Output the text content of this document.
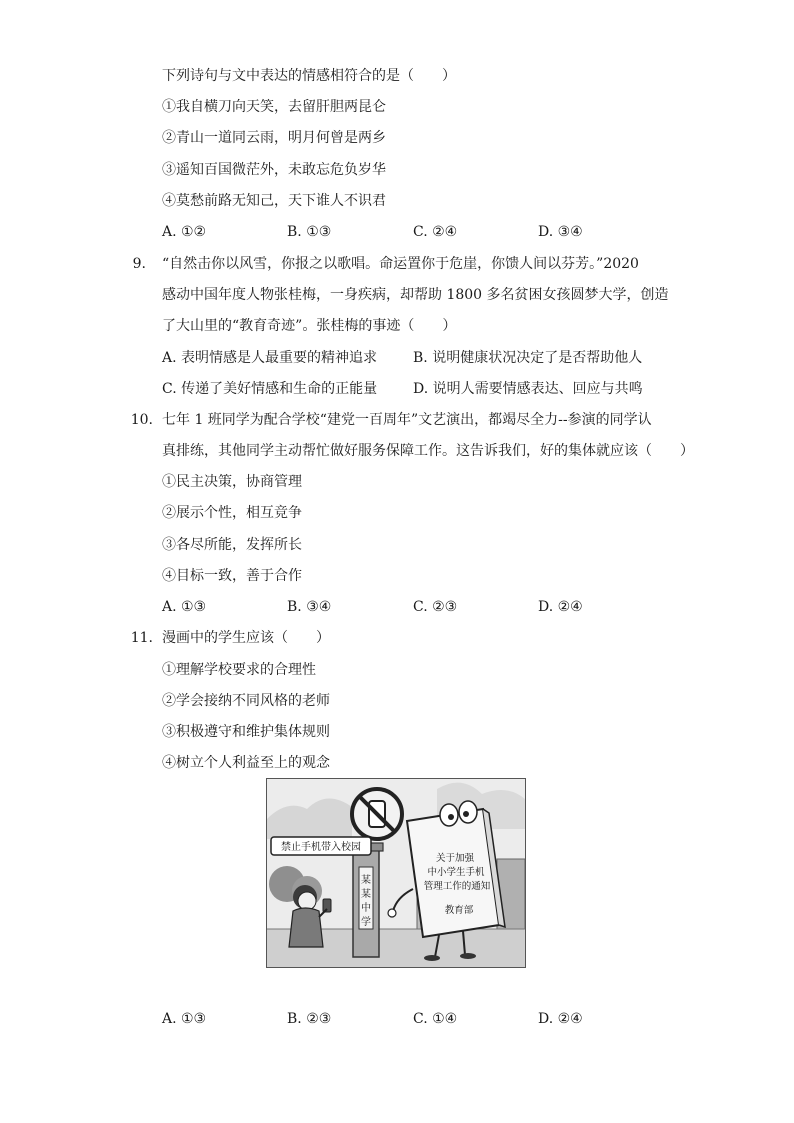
下列诗句与文中表达的情感相符合的是（　　）
①我自横刀向天笑，去留肝胆两昆仑
②青山一道同云雨，明月何曾是两乡
③遥知百国微茫外，未敢忘危负岁华
④莫愁前路无知己，天下谁人不识君
A. ①②	B. ①③	C. ②④	D. ③④
9. “自然击你以风雪，你报之以歌唱。命运置你于危崖，你馈人间以芬芳。”2020
感动中国年度人物张桂梅，一身疾病，却帮助 1800 多名贫困女孩圆梦大学，创造
了大山里的“教育奇迹”。张桂梅的事迹（　　）
A. 表明情感是人最重要的精神追求	B. 说明健康状况决定了是否帮助他人
C. 传递了美好情感和生命的正能量	D. 说明人需要情感表达、回应与共鸣
10. 七年 1 班同学为配合学校“建党一百周年”文艺演出，都竭尽全力--参演的同学认
真排练，其他同学主动帮忙做好服务保障工作。这告诉我们，好的集体就应该（　　）
①民主决策，协商管理
②展示个性，相互竞争
③各尽所能，发挥所长
④目标一致，善于合作
A. ①③	B. ③④	C. ②③	D. ②④
11. 漫画中的学生应该（　　）
①理解学校要求的合理性
②学会接纳不同风格的老师
③积极遵守和维护集体规则
④树立个人利益至上的观念
禁止手机带入校园
某
某
中
学
关于加强
中小学生手机
管理工作的通知
教育部
A. ①③	B. ②③	C. ①④	D. ②④
